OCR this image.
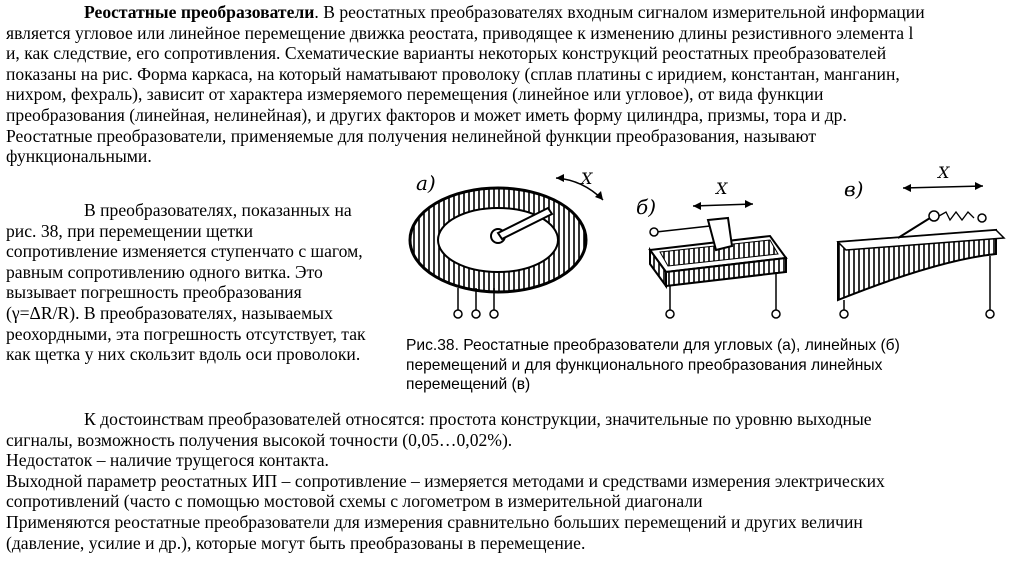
Реостатные преобразователи. В реостатных преобразователях входным сигналом измерительной информации
является угловое или линейное перемещение движка реостата, приводящее к изменению длины резистивного элемента l
и, как следствие, его сопротивления. Схематические варианты некоторых конструкций реостатных преобразователей
показаны на рис. Форма каркаса, на который наматывают проволоку (сплав платины с иридием, константан, манганин,
нихром, фехраль), зависит от характера измеряемого перемещения (линейное или угловое), от вида функции
преобразования (линейная, нелинейная), и других факторов и может иметь форму цилиндра, призмы, тора и др.
Реостатные преобразователи, применяемые для получения нелинейной функции преобразования, называют
функциональными.
В преобразователях, показанных на
рис. 38, при перемещении щетки
сопротивление изменяется ступенчато с шагом,
равным сопротивлению одного витка. Это
вызывает погрешность преобразования
(γ=ΔR/R). В преобразователях, называемых
реохордными, эта погрешность отсутствует, так
как щетка у них скользит вдоль оси проволоки.
а)	X
б)
X	в)
X
Рис.38. Реостатные преобразователи для угловых (а), линейных (б)
перемещений и для функционального преобразования линейных
перемещений (в)
К достоинствам преобразователей относятся: простота конструкции, значительные по уровню выходные
сигналы, возможность получения высокой точности (0,05…0,02%).
Недостаток – наличие трущегося контакта.
Выходной параметр реостатных ИП – сопротивление – измеряется методами и средствами измерения электрических
сопротивлений (часто с помощью мостовой схемы с логометром в измерительной диагонали
Применяются реостатные преобразователи для измерения сравнительно больших перемещений и других величин
(давление, усилие и др.), которые могут быть преобразованы в перемещение.
